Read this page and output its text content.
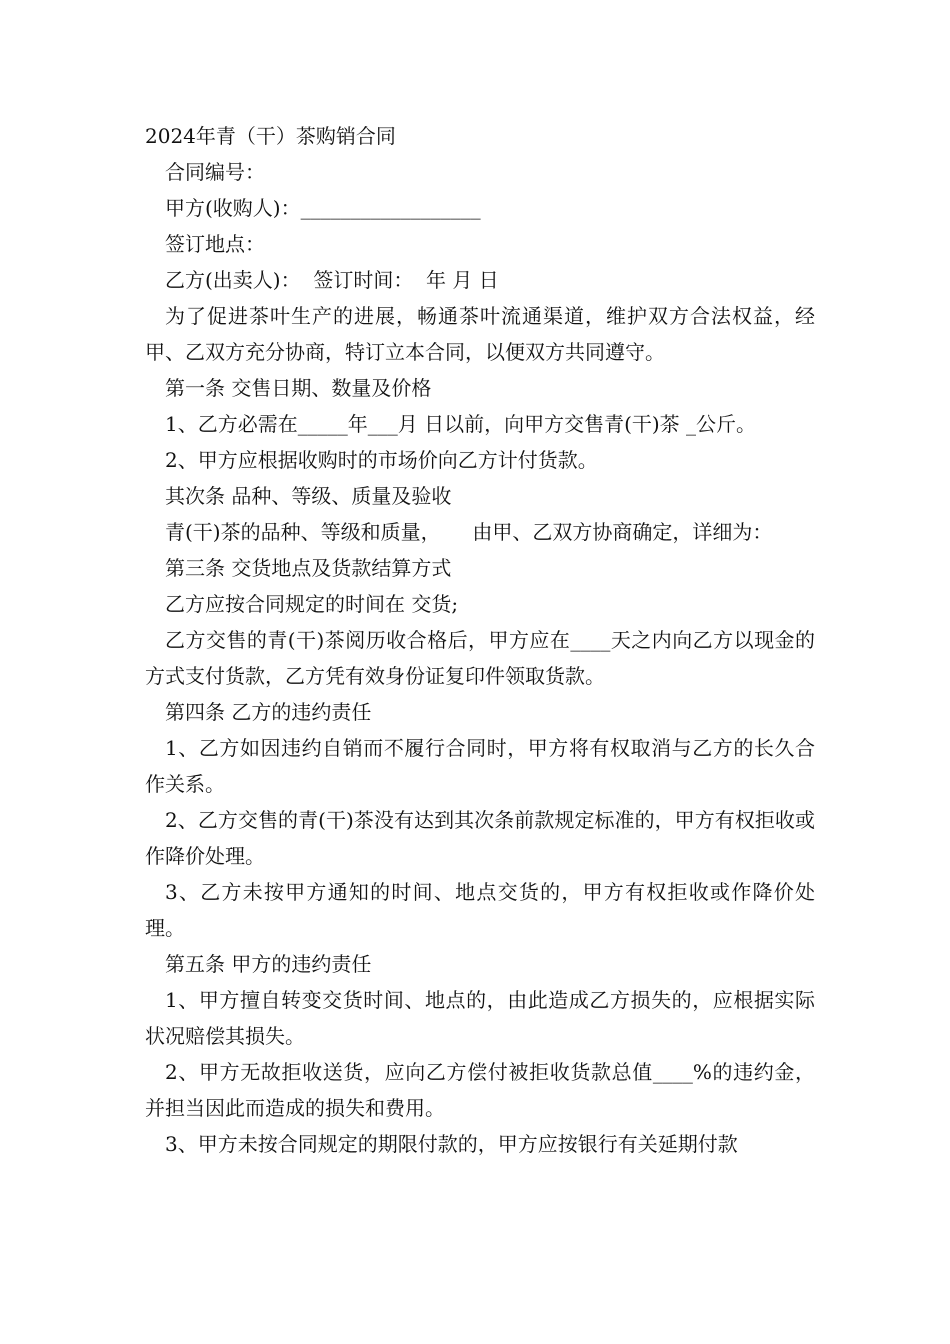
2024年青（干）茶购销合同
合同编号：
甲方(收购人)：__________________
签订地点：
乙方(出卖人)：  签订时间：  年 月 日
为了促进茶叶生产的进展，畅通茶叶流通渠道，维护双方合法权益，经甲、乙双方充分协商，特订立本合同，以便双方共同遵守。
第一条 交售日期、数量及价格
1、乙方必需在_____年___月 日以前，向甲方交售青(干)茶 _公斤。
2、甲方应根据收购时的市场价向乙方计付货款。
其次条 品种、等级、质量及验收
青(干)茶的品种、等级和质量，     由甲、乙双方协商确定，详细为：
第三条 交货地点及货款结算方式
乙方应按合同规定的时间在 交货;
乙方交售的青(干)茶阅历收合格后，甲方应在____天之内向乙方以现金的方式支付货款，乙方凭有效身份证复印件领取货款。
第四条 乙方的违约责任
1、乙方如因违约自销而不履行合同时，甲方将有权取消与乙方的长久合作关系。
2、乙方交售的青(干)茶没有达到其次条前款规定标准的，甲方有权拒收或作降价处理。
3、乙方未按甲方通知的时间、地点交货的，甲方有权拒收或作降价处理。
第五条 甲方的违约责任
1、甲方擅自转变交货时间、地点的，由此造成乙方损失的，应根据实际状况赔偿其损失。
2、甲方无故拒收送货，应向乙方偿付被拒收货款总值____%的违约金，并担当因此而造成的损失和费用。
3、甲方未按合同规定的期限付款的，甲方应按银行有关延期付款
